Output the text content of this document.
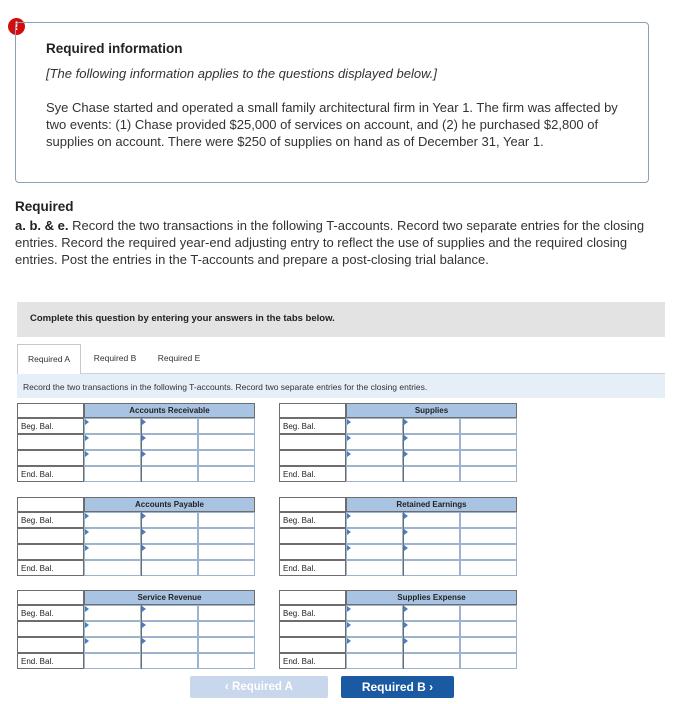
!
Required information
[The following information applies to the questions displayed below.]
Sye Chase started and operated a small family architectural firm in Year 1. The firm was affected by two events: (1) Chase provided $25,000 of services on account, and (2) he purchased $2,800 of supplies on account. There were $250 of supplies on hand as of December 31, Year 1.
Required
a. b. & e. Record the two transactions in the following T-accounts. Record two separate entries for the closing entries. Record the required year-end adjusting entry to reflect the use of supplies and the required closing entries. Post the entries in the T-accounts and prepare a post-closing trial balance.
Complete this question by entering your answers in the tabs below.
Required A	Required B	Required E
Record the two transactions in the following T-accounts. Record two separate entries for the closing entries.
Accounts Receivable
Beg. Bal.
End. Bal.
Supplies
Beg. Bal.
End. Bal.
Accounts Payable
Beg. Bal.
End. Bal.
Retained Earnings
Beg. Bal.
End. Bal.
Service Revenue
Beg. Bal.
End. Bal.
Supplies Expense
Beg. Bal.
End. Bal.
‹ Required A	Required B ›
